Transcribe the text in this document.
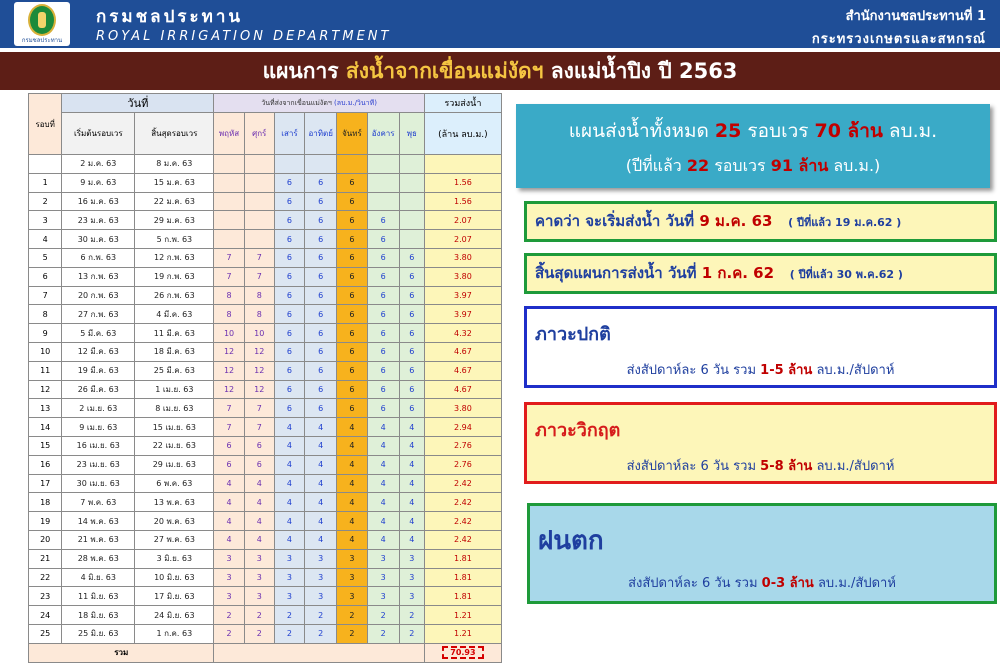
กรมชลประทาน
กรมชลประทาน
ROYAL IRRIGATION DEPARTMENT
สำนักงานชลประทานที่ 1
กระทรวงเกษตรและสหกรณ์
แผนการ ส่งน้ำจากเขื่อนแม่งัดฯ ลงแม่น้ำปิง ปี 2563
รอบที่	วันที่		วันที่ส่งจากเขื่อนแม่งัดฯ (ลบ.ม./วินาที)							รวมส่งน้ำ
	เริ่มต้นรอบเวร	สิ้นสุดรอบเวร	พฤหัส	ศุกร์	เสาร์	อาทิตย์	จันทร์	อังคาร	พุธ	(ล้าน ลบ.ม.)
	2 ม.ค. 63	8 ม.ค. 63								
1	9 ม.ค. 63	15 ม.ค. 63			6	6	6			1.56
2	16 ม.ค. 63	22 ม.ค. 63			6	6	6			1.56
3	23 ม.ค. 63	29 ม.ค. 63			6	6	6	6		2.07
4	30 ม.ค. 63	5 ก.พ. 63			6	6	6	6		2.07
5	6 ก.พ. 63	12 ก.พ. 63	7	7	6	6	6	6	6	3.80
6	13 ก.พ. 63	19 ก.พ. 63	7	7	6	6	6	6	6	3.80
7	20 ก.พ. 63	26 ก.พ. 63	8	8	6	6	6	6	6	3.97
8	27 ก.พ. 63	4 มี.ค. 63	8	8	6	6	6	6	6	3.97
9	5 มี.ค. 63	11 มี.ค. 63	10	10	6	6	6	6	6	4.32
10	12 มี.ค. 63	18 มี.ค. 63	12	12	6	6	6	6	6	4.67
11	19 มี.ค. 63	25 มี.ค. 63	12	12	6	6	6	6	6	4.67
12	26 มี.ค. 63	1 เม.ย. 63	12	12	6	6	6	6	6	4.67
13	2 เม.ย. 63	8 เม.ย. 63	7	7	6	6	6	6	6	3.80
14	9 เม.ย. 63	15 เม.ย. 63	7	7	4	4	4	4	4	2.94
15	16 เม.ย. 63	22 เม.ย. 63	6	6	4	4	4	4	4	2.76
16	23 เม.ย. 63	29 เม.ย. 63	6	6	4	4	4	4	4	2.76
17	30 เม.ย. 63	6 พ.ค. 63	4	4	4	4	4	4	4	2.42
18	7 พ.ค. 63	13 พ.ค. 63	4	4	4	4	4	4	4	2.42
19	14 พ.ค. 63	20 พ.ค. 63	4	4	4	4	4	4	4	2.42
20	21 พ.ค. 63	27 พ.ค. 63	4	4	4	4	4	4	4	2.42
21	28 พ.ค. 63	3 มิ.ย. 63	3	3	3	3	3	3	3	1.81
22	4 มิ.ย. 63	10 มิ.ย. 63	3	3	3	3	3	3	3	1.81
23	11 มิ.ย. 63	17 มิ.ย. 63	3	3	3	3	3	3	3	1.81
24	18 มิ.ย. 63	24 มิ.ย. 63	2	2	2	2	2	2	2	1.21
25	25 มิ.ย. 63	1 ก.ค. 63	2	2	2	2	2	2	2	1.21
รวม										70.93
แผนส่งน้ำทั้งหมด 25 รอบเวร 70 ล้าน ลบ.ม.
(ปีที่แล้ว 22 รอบเวร 91 ล้าน ลบ.ม.)
คาดว่า จะเริ่มส่งน้ำ วันที่ 9 ม.ค. 63 ( ปีที่แล้ว 19 ม.ค.62 )
สิ้นสุดแผนการส่งน้ำ วันที่ 1 ก.ค. 62 ( ปีที่แล้ว 30 พ.ค.62 )
ภาวะปกติ
ส่งสัปดาห์ละ 6 วัน รวม 1-5 ล้าน ลบ.ม./สัปดาห์
ภาวะวิกฤต
ส่งสัปดาห์ละ 6 วัน รวม 5-8 ล้าน ลบ.ม./สัปดาห์
ฝนตก
ส่งสัปดาห์ละ 6 วัน รวม 0-3 ล้าน ลบ.ม./สัปดาห์
